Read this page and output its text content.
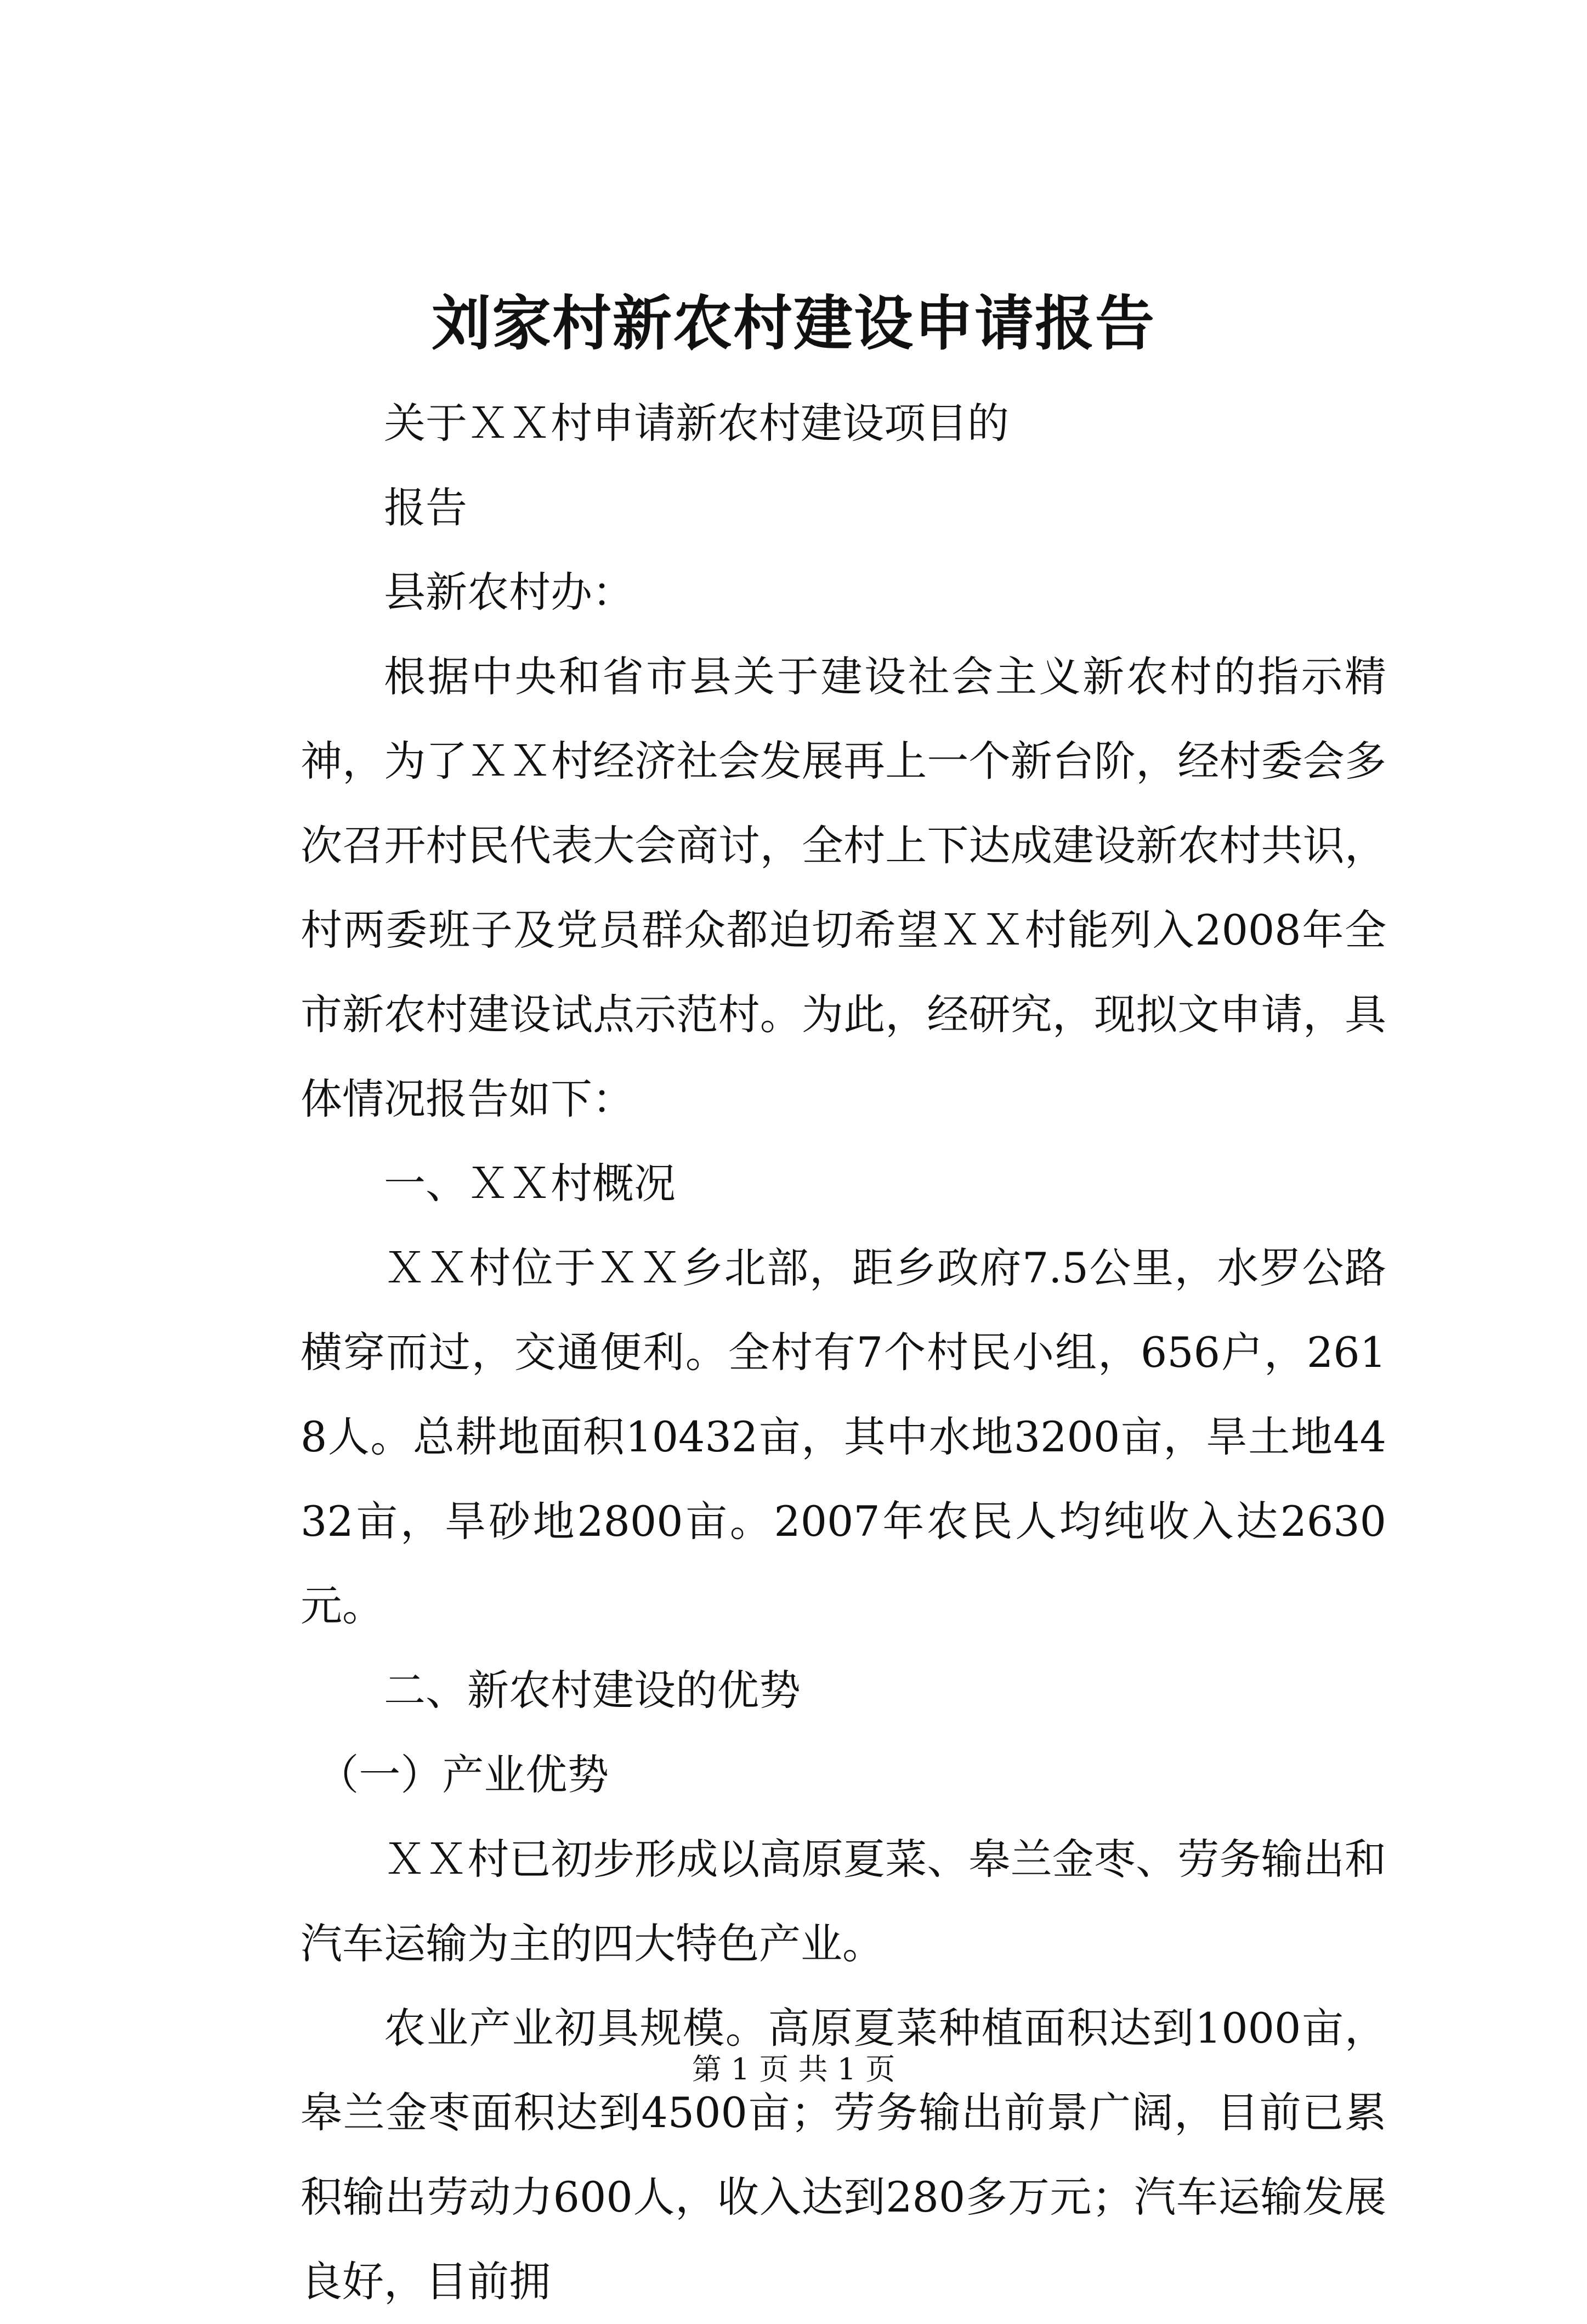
刘家村新农村建设申请报告

关于ＸＸ村申请新农村建设项目的

报告

县新农村办：

根据中央和省市县关于建设社会主义新农村的指示精神，为了ＸＸ村经济社会发展再上一个新台阶，经村委会多次召开村民代表大会商讨，全村上下达成建设新农村共识，村两委班子及党员群众都迫切希望ＸＸ村能列入2008年全市新农村建设试点示范村。为此，经研究，现拟文申请，具体情况报告如下：

一、ＸＸ村概况

ＸＸ村位于ＸＸ乡北部，距乡政府7.5公里，水罗公路横穿而过，交通便利。全村有7个村民小组，656户，2618人。总耕地面积10432亩，其中水地3200亩，旱土地4432亩，旱砂地2800亩。2007年农民人均纯收入达2630元。

二、新农村建设的优势

（一）产业优势

ＸＸ村已初步形成以高原夏菜、皋兰金枣、劳务输出和汽车运输为主的四大特色产业。

农业产业初具规模。高原夏菜种植面积达到1000亩，皋兰金枣面积达到4500亩；劳务输出前景广阔，目前已累积输出劳动力600人，收入达到280多万元；汽车运输发展良好，目前拥

第 1 页 共 1 页
